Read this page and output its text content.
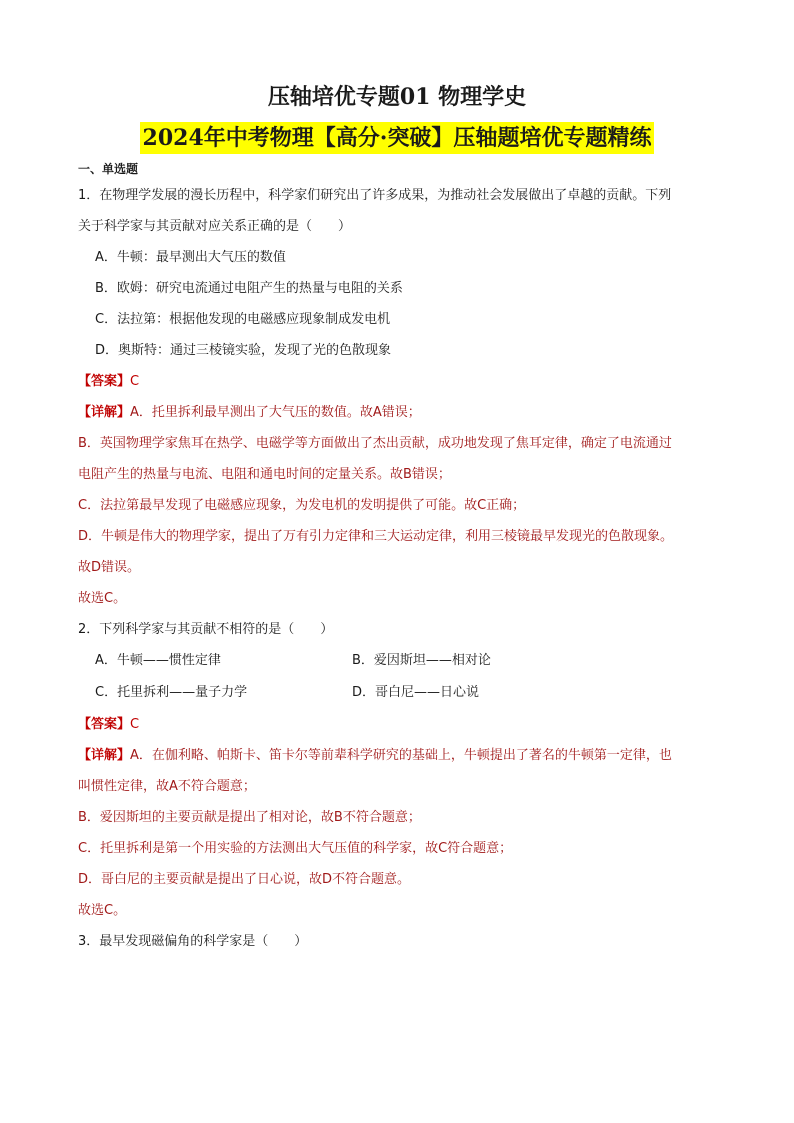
压轴培优专题01 物理学史
2024年中考物理【高分·突破】压轴题培优专题精练
一、单选题
1．在物理学发展的漫长历程中，科学家们研究出了许多成果，为推动社会发展做出了卓越的贡献。下列
关于科学家与其贡献对应关系正确的是（　　）
A．牛顿：最早测出大气压的数值
B．欧姆：研究电流通过电阻产生的热量与电阻的关系
C．法拉第：根据他发现的电磁感应现象制成发电机
D．奥斯特：通过三棱镜实验，发现了光的色散现象
【答案】C
【详解】A．托里拆利最早测出了大气压的数值。故A错误；
B．英国物理学家焦耳在热学、电磁学等方面做出了杰出贡献，成功地发现了焦耳定律，确定了电流通过
电阻产生的热量与电流、电阻和通电时间的定量关系。故B错误；
C．法拉第最早发现了电磁感应现象，为发电机的发明提供了可能。故C正确；
D．牛顿是伟大的物理学家，提出了万有引力定律和三大运动定律，利用三棱镜最早发现光的色散现象。
故D错误。
故选C。
2．下列科学家与其贡献不相符的是（　　）
A．牛顿——惯性定律	B．爱因斯坦——相对论
C．托里拆利——量子力学	D．哥白尼——日心说
【答案】C
【详解】A．在伽利略、帕斯卡、笛卡尔等前辈科学研究的基础上，牛顿提出了著名的牛顿第一定律，也
叫惯性定律，故A不符合题意；
B．爱因斯坦的主要贡献是提出了相对论，故B不符合题意；
C．托里拆利是第一个用实验的方法测出大气压值的科学家，故C符合题意；
D．哥白尼的主要贡献是提出了日心说，故D不符合题意。
故选C。
3．最早发现磁偏角的科学家是（　　）
